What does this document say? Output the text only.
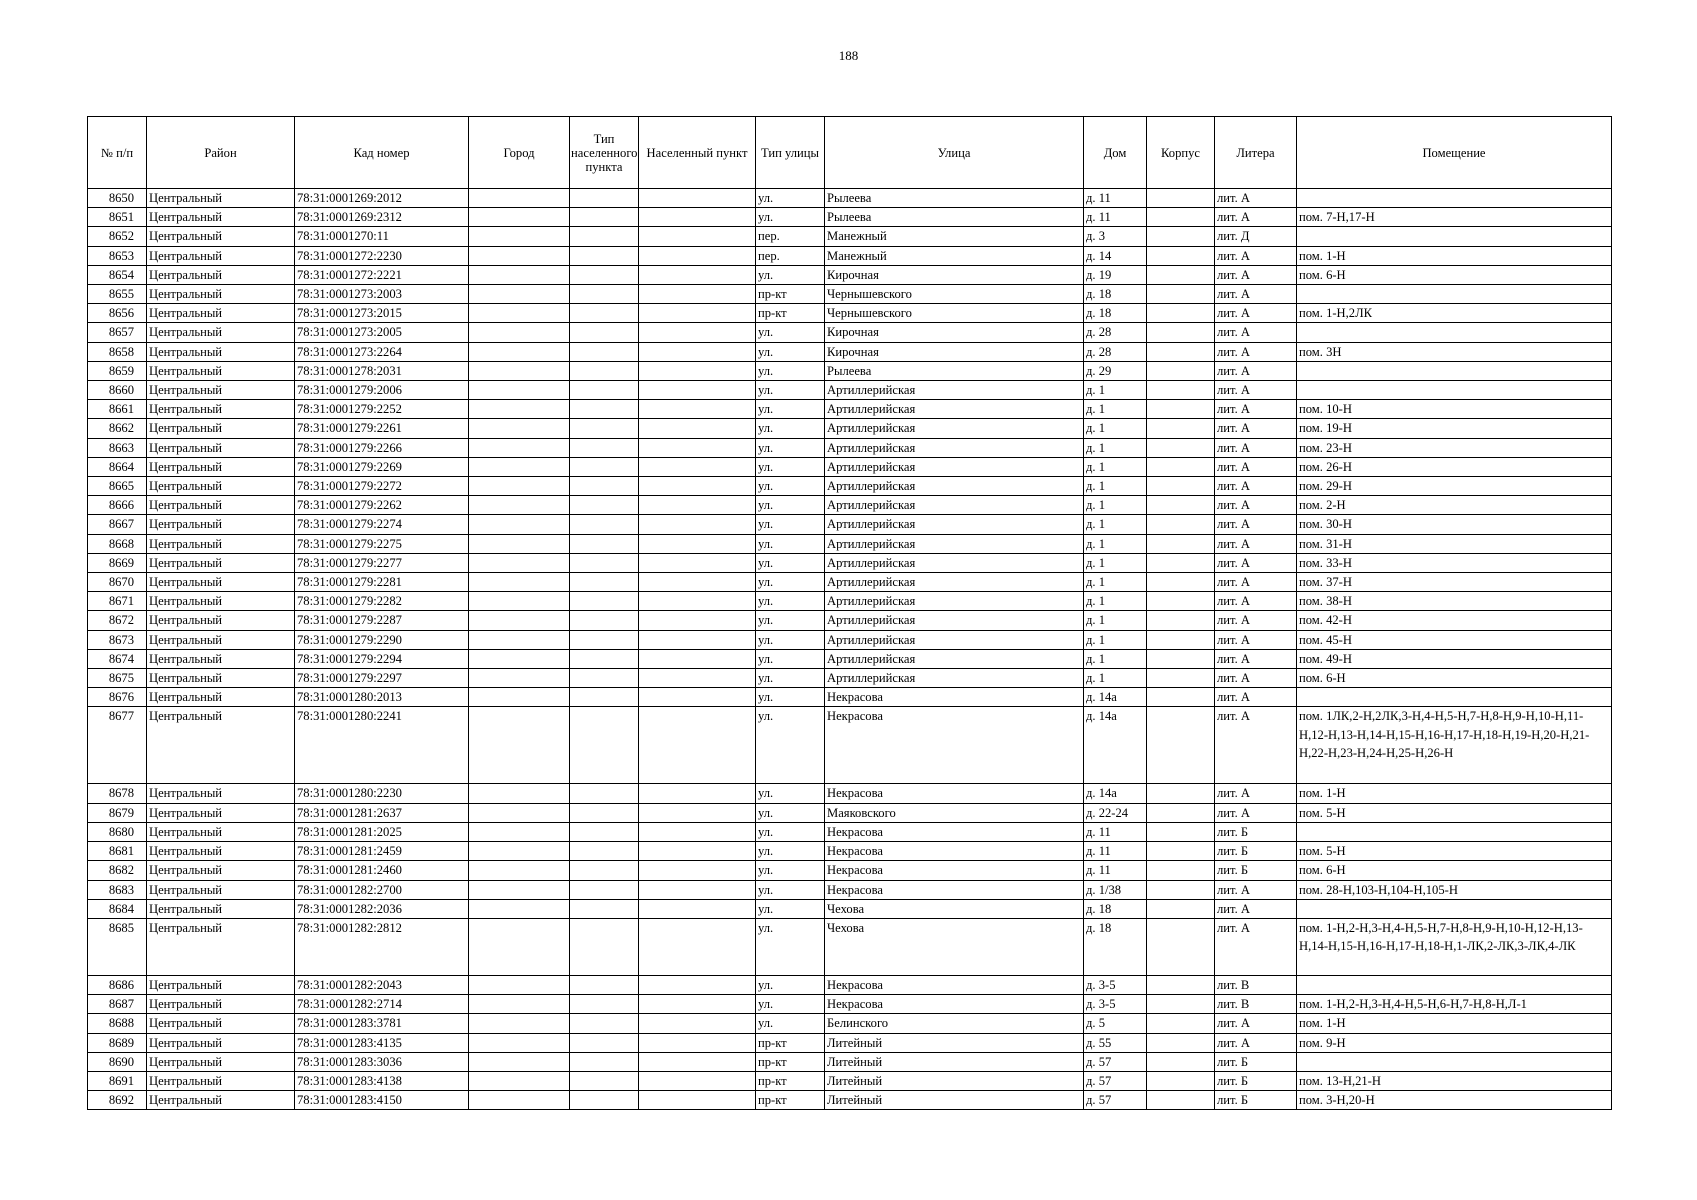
188
№ п/п	Район	Кад номер	Город	Тип населенного пункта	Населенный пункт	Тип улицы	Улица	Дом	Корпус	Литера	Помещение
8650	Центральный	78:31:0001269:2012				ул.	Рылеева	д. 11		лит. А	
8651	Центральный	78:31:0001269:2312				ул.	Рылеева	д. 11		лит. А	пом. 7-Н,17-Н
8652	Центральный	78:31:0001270:11				пер.	Манежный	д. 3		лит. Д	
8653	Центральный	78:31:0001272:2230				пер.	Манежный	д. 14		лит. А	пом. 1-Н
8654	Центральный	78:31:0001272:2221				ул.	Кирочная	д. 19		лит. А	пом. 6-Н
8655	Центральный	78:31:0001273:2003				пр-кт	Чернышевского	д. 18		лит. А	
8656	Центральный	78:31:0001273:2015				пр-кт	Чернышевского	д. 18		лит. А	пом. 1-Н,2ЛК
8657	Центральный	78:31:0001273:2005				ул.	Кирочная	д. 28		лит. А	
8658	Центральный	78:31:0001273:2264				ул.	Кирочная	д. 28		лит. А	пом. 3Н
8659	Центральный	78:31:0001278:2031				ул.	Рылеева	д. 29		лит. А	
8660	Центральный	78:31:0001279:2006				ул.	Артиллерийская	д. 1		лит. А	
8661	Центральный	78:31:0001279:2252				ул.	Артиллерийская	д. 1		лит. А	пом. 10-Н
8662	Центральный	78:31:0001279:2261				ул.	Артиллерийская	д. 1		лит. А	пом. 19-Н
8663	Центральный	78:31:0001279:2266				ул.	Артиллерийская	д. 1		лит. А	пом. 23-Н
8664	Центральный	78:31:0001279:2269				ул.	Артиллерийская	д. 1		лит. А	пом. 26-Н
8665	Центральный	78:31:0001279:2272				ул.	Артиллерийская	д. 1		лит. А	пом. 29-Н
8666	Центральный	78:31:0001279:2262				ул.	Артиллерийская	д. 1		лит. А	пом. 2-Н
8667	Центральный	78:31:0001279:2274				ул.	Артиллерийская	д. 1		лит. А	пом. 30-Н
8668	Центральный	78:31:0001279:2275				ул.	Артиллерийская	д. 1		лит. А	пом. 31-Н
8669	Центральный	78:31:0001279:2277				ул.	Артиллерийская	д. 1		лит. А	пом. 33-Н
8670	Центральный	78:31:0001279:2281				ул.	Артиллерийская	д. 1		лит. А	пом. 37-Н
8671	Центральный	78:31:0001279:2282				ул.	Артиллерийская	д. 1		лит. А	пом. 38-Н
8672	Центральный	78:31:0001279:2287				ул.	Артиллерийская	д. 1		лит. А	пом. 42-Н
8673	Центральный	78:31:0001279:2290				ул.	Артиллерийская	д. 1		лит. А	пом. 45-Н
8674	Центральный	78:31:0001279:2294				ул.	Артиллерийская	д. 1		лит. А	пом. 49-Н
8675	Центральный	78:31:0001279:2297				ул.	Артиллерийская	д. 1		лит. А	пом. 6-Н
8676	Центральный	78:31:0001280:2013				ул.	Некрасова	д. 14а		лит. А	
8677	Центральный	78:31:0001280:2241				ул.	Некрасова	д. 14а		лит. А	пом. 1ЛК,2-Н,2ЛК,3-Н,4-Н,5-Н,7-Н,8-Н,9-Н,10-Н,11-Н,12-Н,13-Н,14-Н,15-Н,16-Н,17-Н,18-Н,19-Н,20-Н,21-Н,22-Н,23-Н,24-Н,25-Н,26-Н
8678	Центральный	78:31:0001280:2230				ул.	Некрасова	д. 14а		лит. А	пом. 1-Н
8679	Центральный	78:31:0001281:2637				ул.	Маяковского	д. 22-24		лит. А	пом. 5-Н
8680	Центральный	78:31:0001281:2025				ул.	Некрасова	д. 11		лит. Б	
8681	Центральный	78:31:0001281:2459				ул.	Некрасова	д. 11		лит. Б	пом. 5-Н
8682	Центральный	78:31:0001281:2460				ул.	Некрасова	д. 11		лит. Б	пом. 6-Н
8683	Центральный	78:31:0001282:2700				ул.	Некрасова	д. 1/38		лит. А	пом. 28-Н,103-Н,104-Н,105-Н
8684	Центральный	78:31:0001282:2036				ул.	Чехова	д. 18		лит. А	
8685	Центральный	78:31:0001282:2812				ул.	Чехова	д. 18		лит. А	пом. 1-Н,2-Н,3-Н,4-Н,5-Н,7-Н,8-Н,9-Н,10-Н,12-Н,13-Н,14-Н,15-Н,16-Н,17-Н,18-Н,1-ЛК,2-ЛК,3-ЛК,4-ЛК
8686	Центральный	78:31:0001282:2043				ул.	Некрасова	д. 3-5		лит. В	
8687	Центральный	78:31:0001282:2714				ул.	Некрасова	д. 3-5		лит. В	пом. 1-Н,2-Н,3-Н,4-Н,5-Н,6-Н,7-Н,8-Н,Л-1
8688	Центральный	78:31:0001283:3781				ул.	Белинского	д. 5		лит. А	пом. 1-Н
8689	Центральный	78:31:0001283:4135				пр-кт	Литейный	д. 55		лит. А	пом. 9-Н
8690	Центральный	78:31:0001283:3036				пр-кт	Литейный	д. 57		лит. Б	
8691	Центральный	78:31:0001283:4138				пр-кт	Литейный	д. 57		лит. Б	пом. 13-Н,21-Н
8692	Центральный	78:31:0001283:4150				пр-кт	Литейный	д. 57		лит. Б	пом. 3-Н,20-Н
